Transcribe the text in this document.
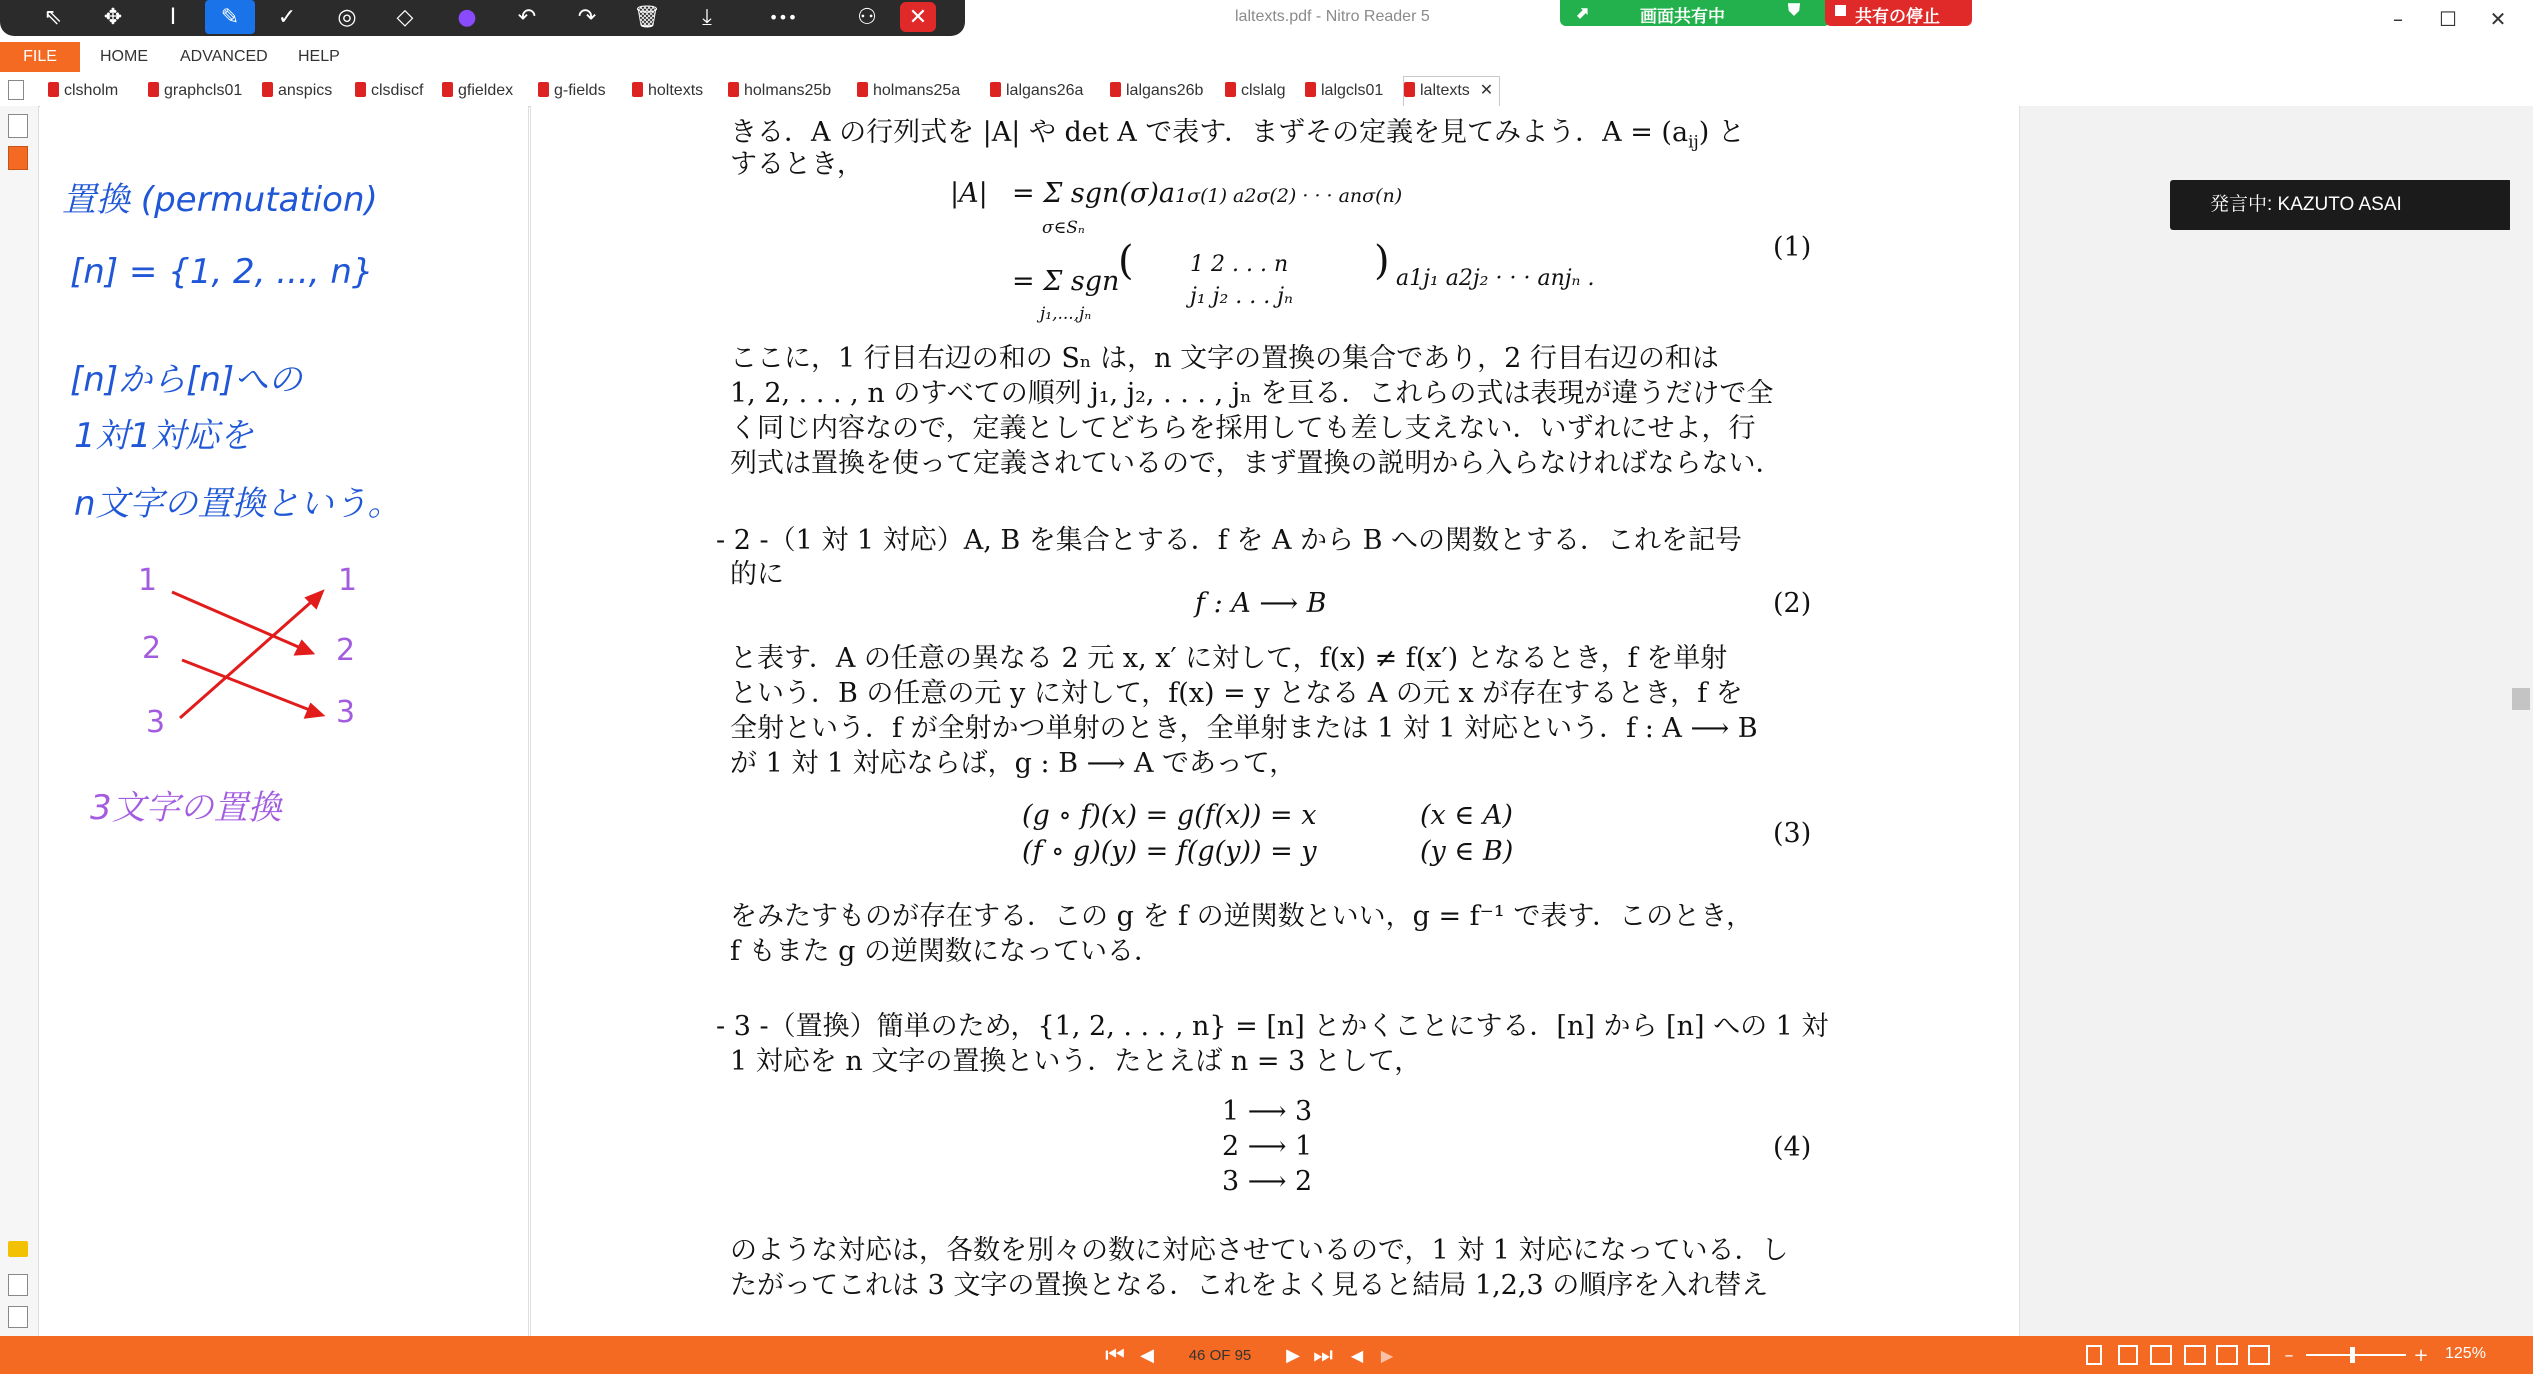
laltexts.pdf - Nitro Reader 5	⬈	画面共有中	⛊	共有の停止	–	☐	✕
⇖	✥	I	✎	✓	◎	◇	●	↶	↷	🗑	⤓	•••	⚇	✕
FILE	HOME ADVANCED HELP
clsholm	graphcls01	anspics	clsdiscf	gfieldex	g-fields	holtexts	holmans25b	holmans25a	lalgans26a	lalgans26b	clslalg	lalgcls01	laltexts ✕
置換 (permutation)
[n] = {1, 2, ..., n}
[n]から[n]への
1対1対応を
n文字の置換という。
1
2
3
1
2
3
3文字の置換
きる．A の行列式を |A| や det A で表す．まずその定義を見てみよう．$A = (a_{ij})$ と
するとき，
|A| = Σ sgn(σ)a1σ(1) a2σ(2) · · · anσ(n)
σ∈Sₙ
= Σ sgn
j₁,...,jₙ
(	1 2 . . . n
j₁ j₂ . . . jₙ
) a1j₁ a2j₂ · · · anjₙ .
(1)
ここに，1 行目右辺の和の Sₙ は，n 文字の置換の集合であり，2 行目右辺の和は
1, 2, . . . , n のすべての順列 j₁, j₂, . . . , jₙ を亘る．これらの式は表現が違うだけで全
く同じ内容なので，定義としてどちらを採用しても差し支えない．いずれにせよ，行
列式は置換を使って定義されているので，まず置換の説明から入らなければならない．
- 2 -（1 対 1 対応）A, B を集合とする．f を A から B への関数とする．これを記号
的に
f : A ⟶ B	(2)
と表す．A の任意の異なる 2 元 x, x′ に対して，f(x) ≠ f(x′) となるとき，f を単射
という．B の任意の元 y に対して，f(x) = y となる A の元 x が存在するとき，f を
全射という．f が全射かつ単射のとき，全単射または 1 対 1 対応という．f : A ⟶ B
が 1 対 1 対応ならば，g : B ⟶ A であって，
(g ∘ f)(x) = g(f(x)) = x	(x ∈ A)
(f ∘ g)(y) = f(g(y)) = y	(y ∈ B)
(3)
をみたすものが存在する．この g を f の逆関数といい，g = f⁻¹ で表す．このとき，
f もまた g の逆関数になっている．
- 3 -（置換）簡単のため，{1, 2, . . . , n} = [n] とかくことにする．[n] から [n] への 1 対
1 対応を n 文字の置換という．たとえば n = 3 として，
1 ⟶ 3
2 ⟶ 1
3 ⟶ 2
(4)
のような対応は，各数を別々の数に対応させているので，1 対 1 対応になっている．し
たがってこれは 3 文字の置換となる．これをよく見ると結局 1,2,3 の順序を入れ替え
発言中: KAZUTO ASAI
⏮ ◀	46 OF 95	▶ ⏭	◀	▶	–	+ 125%
